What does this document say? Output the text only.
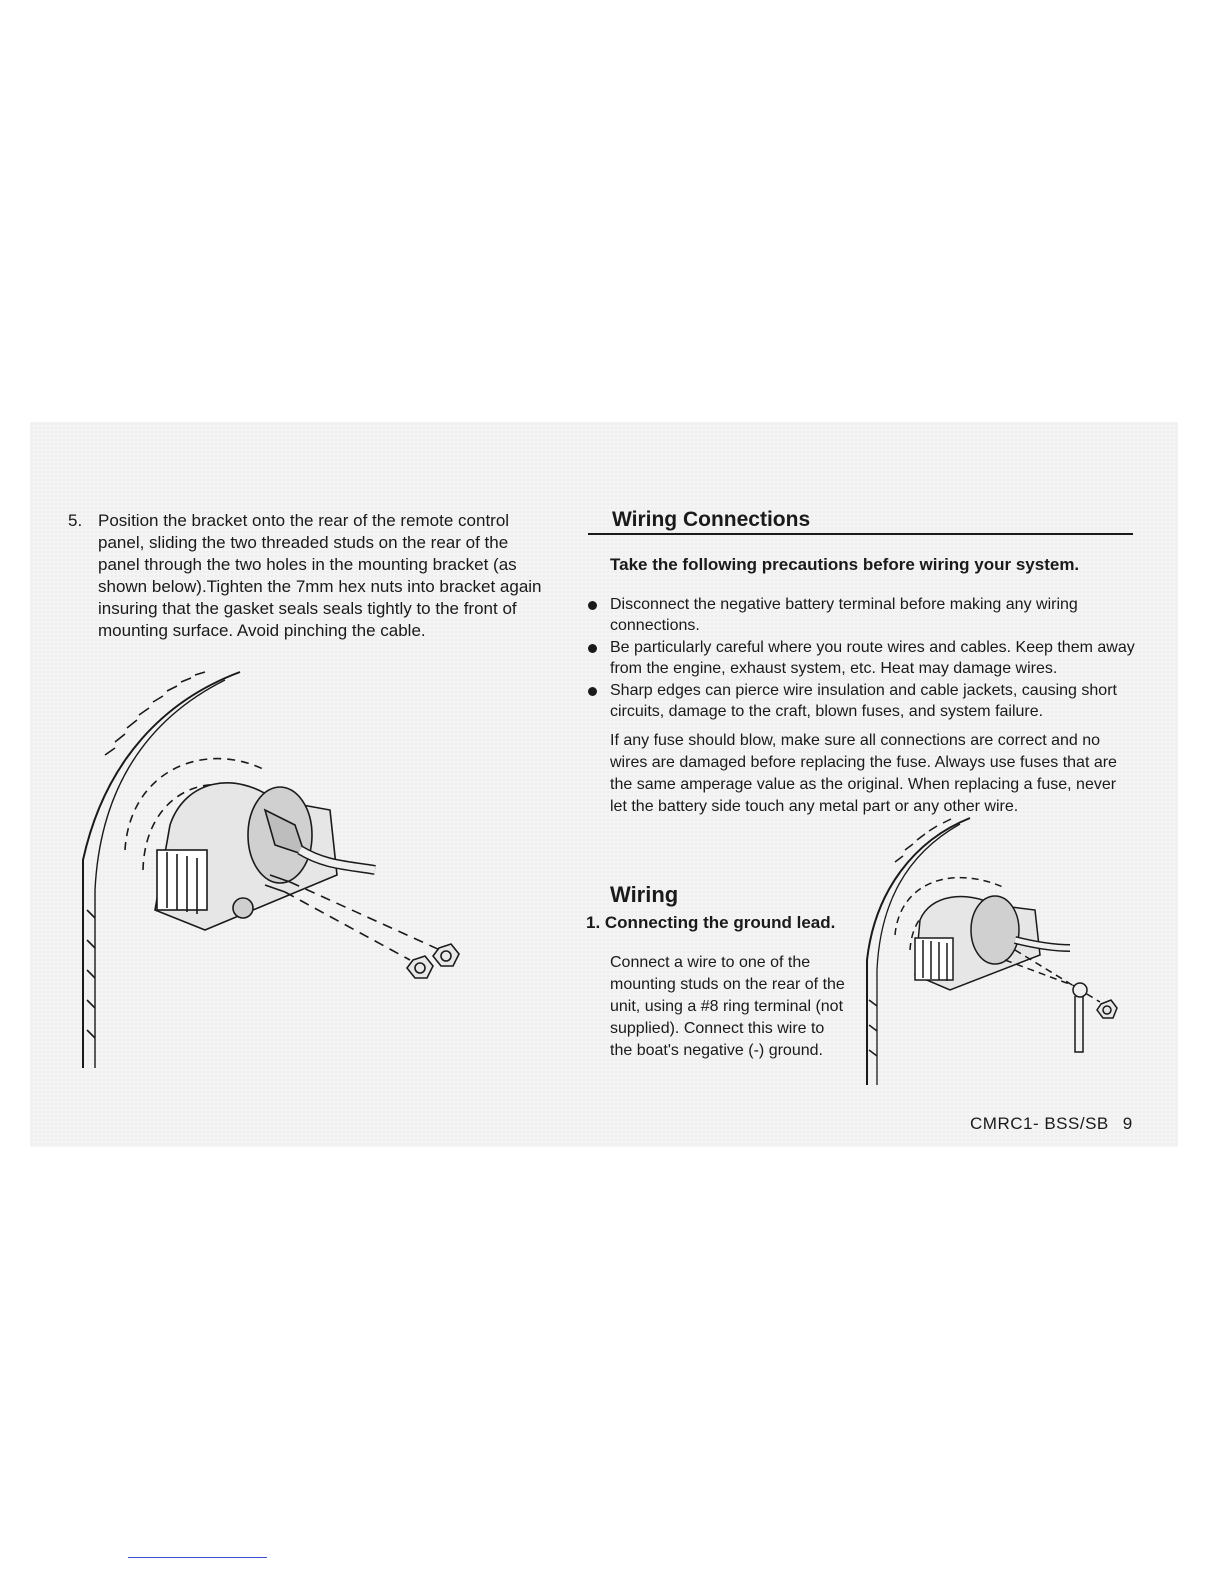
5. Position the bracket onto the rear of the remote control panel, sliding the two threaded studs on the rear of the panel through the two holes in the mounting bracket (as shown below).Tighten the 7mm hex nuts into bracket again insuring that the gasket seals seals tightly to the front of mounting surface. Avoid pinching the cable.
Wiring Connections
Take the following precautions before wiring your system.
Disconnect the negative battery terminal before making any wiring connections.
Be particularly careful where you route wires and cables. Keep them away from the engine, exhaust system, etc. Heat may damage wires.
Sharp edges can pierce wire insulation and cable jackets, causing short circuits, damage to the craft, blown fuses, and system failure.
If any fuse should blow, make sure all connections are correct and no wires are damaged before replacing the fuse. Always use fuses that are the same amperage value as the original. When replacing a fuse, never let the battery side touch any metal part or any other wire.
Wiring
1. Connecting the ground lead.
Connect a wire to one of the mounting studs on the rear of the unit, using a #8 ring terminal (not supplied). Connect this wire to the boat's negative (-) ground.
CMRC1- BSS/SB 9
